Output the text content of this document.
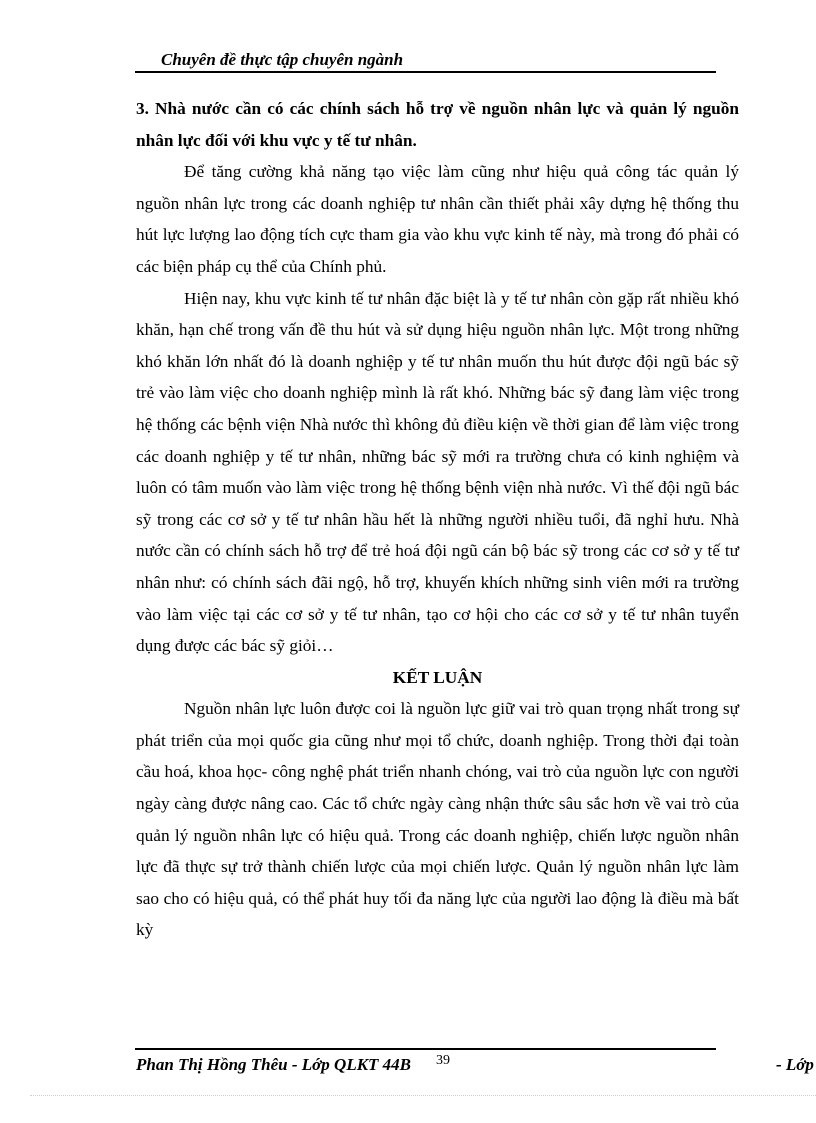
Chuyên đề thực tập chuyên ngành

3. Nhà nước cần có các chính sách hỗ trợ về nguồn nhân lực và quản lý nguồn nhân lực đối với khu vực y tế tư nhân.

Để tăng cường khả năng tạo việc làm cũng như hiệu quả công tác quản lý nguồn nhân lực trong các doanh nghiệp tư nhân cần thiết phải xây dựng hệ thống thu hút lực lượng lao động tích cực tham gia vào khu vực kinh tế này, mà trong đó phải có các biện pháp cụ thể của Chính phủ.

Hiện nay, khu vực kinh tế tư nhân đặc biệt là y tế tư nhân còn gặp rất nhiều khó khăn, hạn chế trong vấn đề thu hút và sử dụng hiệu nguồn nhân lực. Một trong những khó khăn lớn nhất đó là doanh nghiệp y tế tư nhân muốn thu hút được đội ngũ bác sỹ trẻ vào làm việc cho doanh nghiệp mình là rất khó. Những bác sỹ đang làm việc trong hệ thống các bệnh viện Nhà nước thì không đủ điều kiện về thời gian để làm việc trong các doanh nghiệp y tế tư nhân, những bác sỹ mới ra trường chưa có kinh nghiệm và luôn có tâm muốn vào làm việc trong hệ thống bệnh viện nhà nước. Vì thế đội ngũ bác sỹ trong các cơ sở y tế tư nhân hầu hết là những người nhiều tuổi, đã nghỉ hưu. Nhà nước cần có chính sách hỗ trợ để trẻ hoá đội ngũ cán bộ bác sỹ trong các cơ sở y tế tư nhân như: có chính sách đãi ngộ, hỗ trợ, khuyến khích những sinh viên mới ra trường vào làm việc tại các cơ sở y tế tư nhân, tạo cơ hội cho các cơ sở y tế tư nhân tuyển dụng được các bác sỹ giỏi…

KẾT LUẬN

Nguồn nhân lực luôn được coi là nguồn lực giữ vai trò quan trọng nhất trong sự phát triển của mọi quốc gia cũng như mọi tổ chức, doanh nghiệp. Trong thời đại toàn cầu hoá, khoa học- công nghệ phát triển nhanh chóng, vai trò của nguồn lực con người ngày càng được nâng cao. Các tổ chức ngày càng nhận thức sâu sắc hơn về vai trò của quản lý nguồn nhân lực có hiệu quả. Trong các doanh nghiệp, chiến lược nguồn nhân lực đã thực sự trở thành chiến lược của mọi chiến lược. Quản lý nguồn nhân lực làm sao cho có hiệu quả, có thể phát huy tối đa năng lực của người lao động là điều mà bất kỳ

Phan Thị Hồng Thêu - Lớp QLKT 44B 39	- Lớp
